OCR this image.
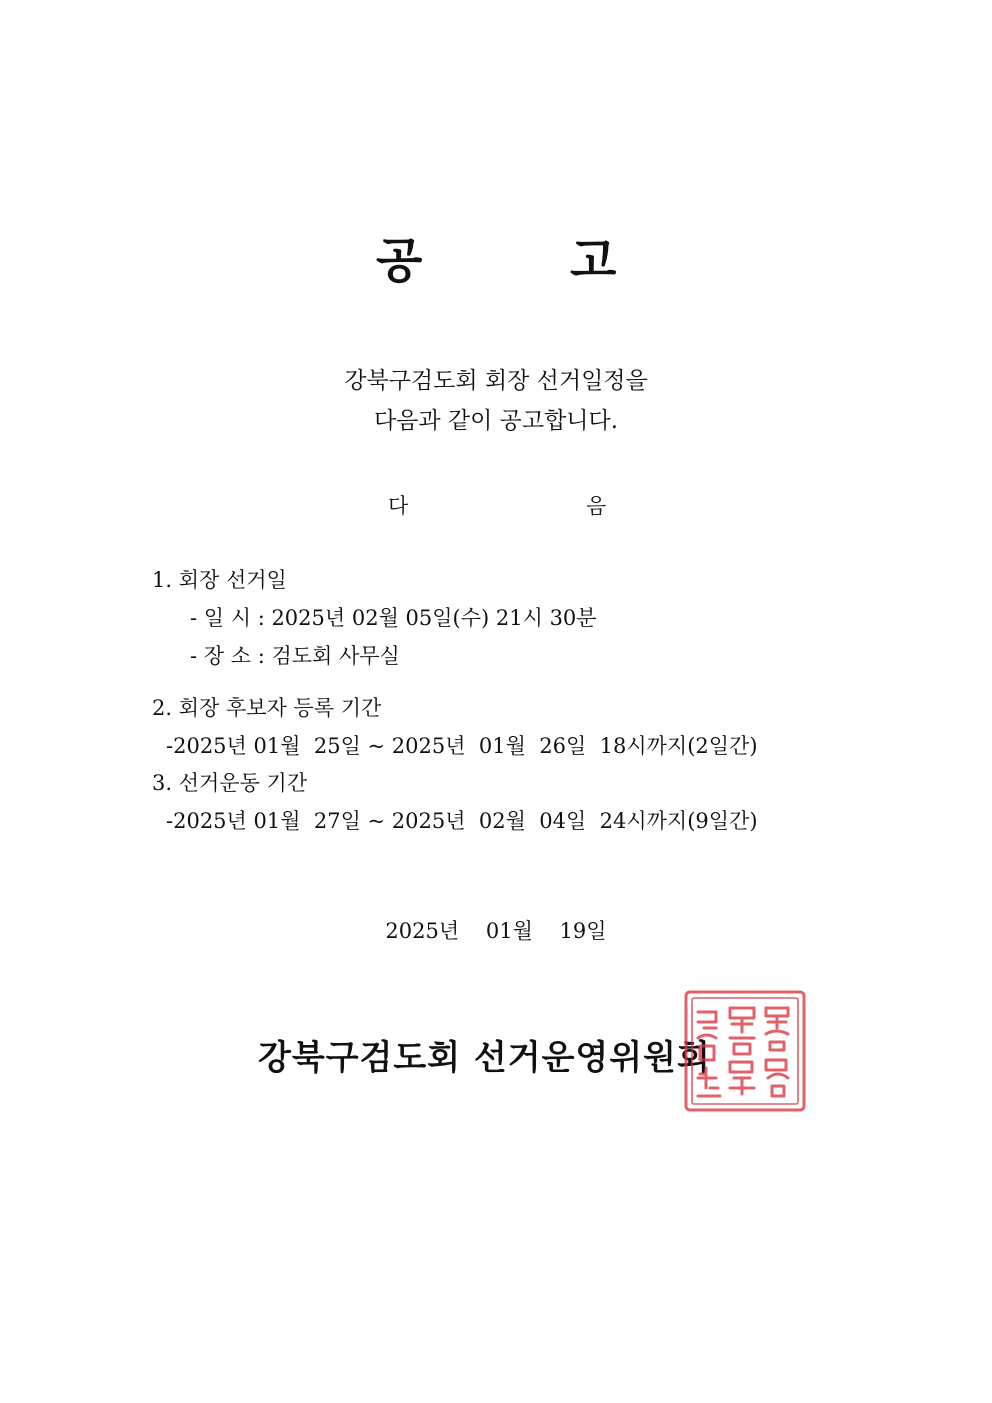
공

	고

강북구검도회 회장 선거일정을
다음과 같이 공고합니다.
다	음
1. 회장 선거일
- 일 시 : 2025년 02월 05일(수) 21시 30분
- 장 소 : 검도회 사무실
2. 회장 후보자 등록 기간
-2025년 01월  25일 ~ 2025년  01월  26일  18시까지(2일간)
3. 선거운동 기간
-2025년 01월  27일 ~ 2025년  02월  04일  24시까지(9일간)
2025년    01월    19일
강북구검도회 선거운영위원회
